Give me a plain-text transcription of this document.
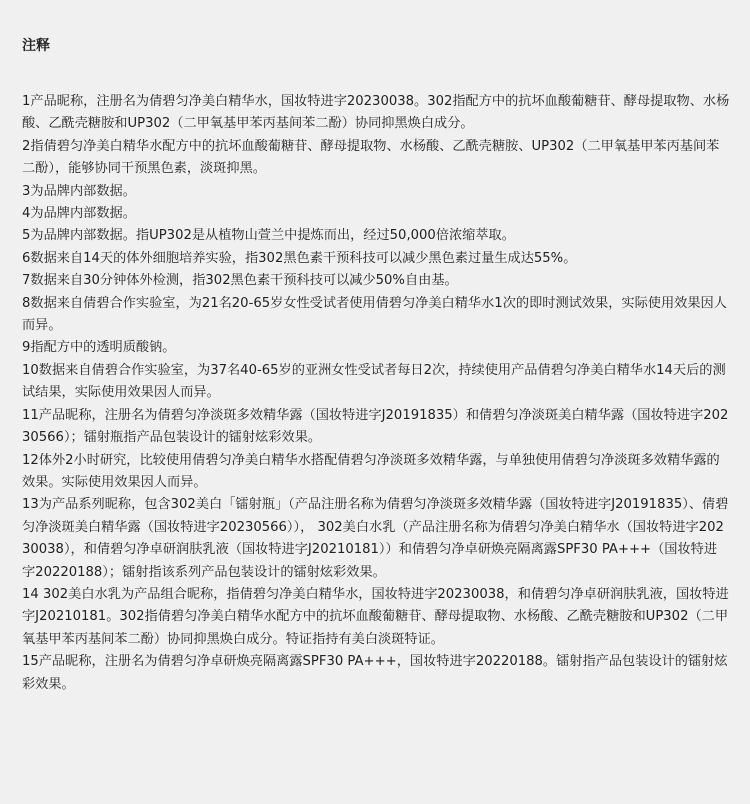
注释

1产品昵称，注册名为倩碧匀净美白精华水，国妆特进字20230038。302指配方中的抗坏血酸葡糖苷、酵母提取物、水杨酸、乙酰壳糖胺和UP302（二甲氧基甲苯丙基间苯二酚）协同抑黑焕白成分。

2指倩碧匀净美白精华水配方中的抗坏血酸葡糖苷、酵母提取物、水杨酸、乙酰壳糖胺、UP302（二甲氧基甲苯丙基间苯二酚），能够协同干预黑色素，淡斑抑黑。

3为品牌内部数据。

4为品牌内部数据。

5为品牌内部数据。指UP302是从植物山萱兰中提炼而出，经过50,000倍浓缩萃取。

6数据来自14天的体外细胞培养实验，指302黑色素干预科技可以减少黑色素过量生成达55%。

7数据来自30分钟体外检测，指302黑色素干预科技可以减少50%自由基。

8数据来自倩碧合作实验室，为21名20-65岁女性受试者使用倩碧匀净美白精华水1次的即时测试效果，实际使用效果因人而异。

9指配方中的透明质酸钠。

10数据来自倩碧合作实验室，为37名40-65岁的亚洲女性受试者每日2次，持续使用产品倩碧匀净美白精华水14天后的测试结果，实际使用效果因人而异。

11产品昵称，注册名为倩碧匀净淡斑多效精华露（国妆特进字J20191835）和倩碧匀净淡斑美白精华露（国妆特进字20230566）；镭射瓶指产品包装设计的镭射炫彩效果。

12体外2小时研究，比较使用倩碧匀净美白精华水搭配倩碧匀净淡斑多效精华露，与单独使用倩碧匀净淡斑多效精华露的效果。实际使用效果因人而异。

13为产品系列昵称，包含302美白「镭射瓶」（产品注册名称为倩碧匀净淡斑多效精华露（国妆特进字J20191835）、倩碧匀净淡斑美白精华露（国妆特进字20230566））， 302美白水乳（产品注册名称为倩碧匀净美白精华水（国妆特进字20230038），和倩碧匀净卓研润肤乳液（国妆特进字J20210181））和倩碧匀净卓研焕亮隔离露SPF30 PA+++（国妆特进字20220188）；镭射指该系列产品包装设计的镭射炫彩效果。

14 302美白水乳为产品组合昵称，指倩碧匀净美白精华水，国妆特进字20230038，和倩碧匀净卓研润肤乳液，国妆特进字J20210181。302指倩碧匀净美白精华水配方中的抗坏血酸葡糖苷、酵母提取物、水杨酸、乙酰壳糖胺和UP302（二甲氧基甲苯丙基间苯二酚）协同抑黑焕白成分。特证指持有美白淡斑特证。

15产品昵称，注册名为倩碧匀净卓研焕亮隔离露SPF30 PA+++，国妆特进字20220188。镭射指产品包装设计的镭射炫彩效果。
